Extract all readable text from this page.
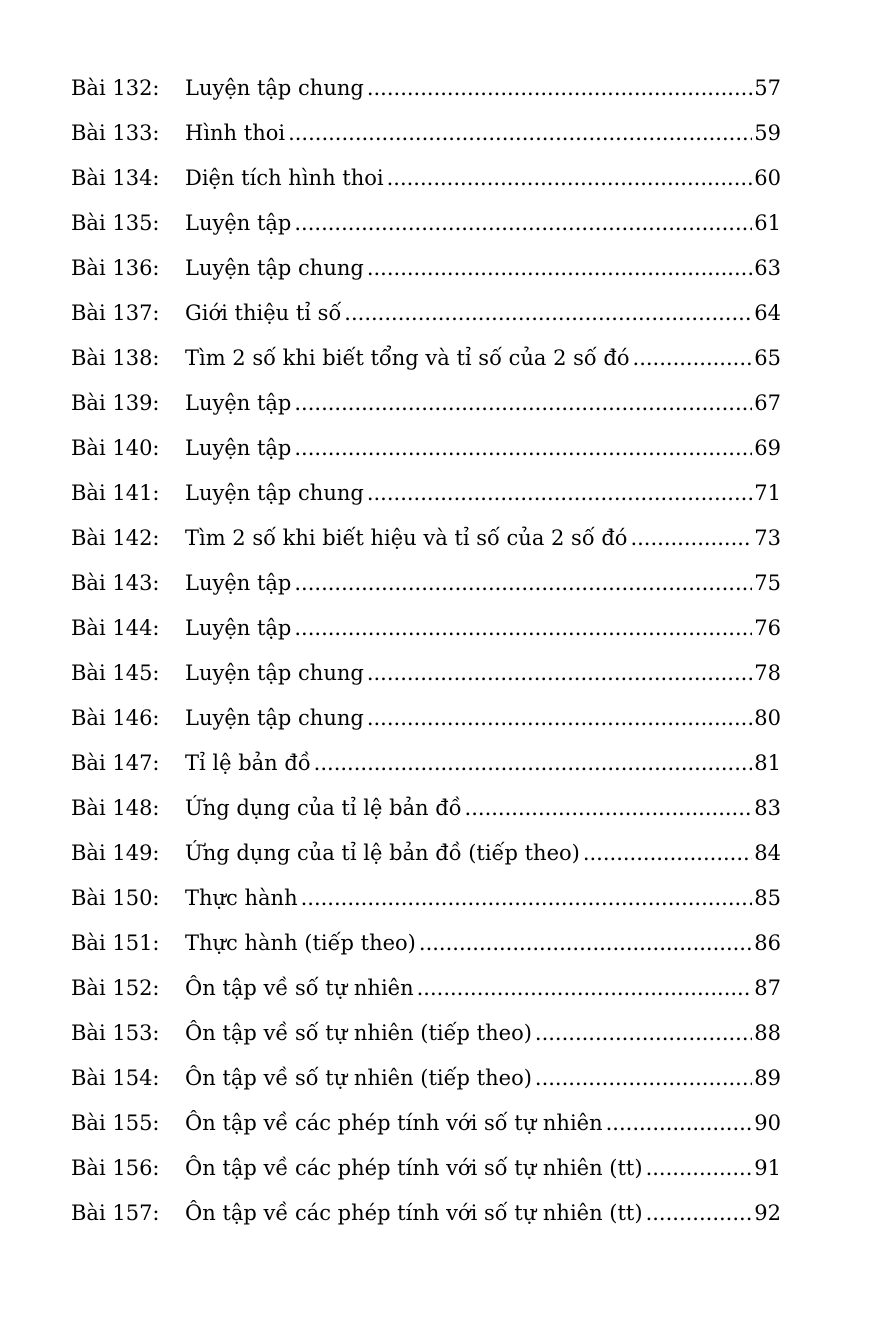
Bài 132:	Luyện tập chung .....	57
Bài 133:	Hình thoi .....	59
Bài 134:	Diện tích hình thoi .....	60
Bài 135:	Luyện tập .....	61
Bài 136:	Luyện tập chung .....	63
Bài 137:	Giới thiệu tỉ số .....	64
Bài 138:	Tìm 2 số khi biết tổng và tỉ số của 2 số đó .....	65
Bài 139:	Luyện tập .....	67
Bài 140:	Luyện tập .....	69
Bài 141:	Luyện tập chung .....	71
Bài 142:	Tìm 2 số khi biết hiệu và tỉ số của 2 số đó .....	73
Bài 143:	Luyện tập .....	75
Bài 144:	Luyện tập .....	76
Bài 145:	Luyện tập chung .....	78
Bài 146:	Luyện tập chung .....	80
Bài 147:	Tỉ lệ bản đồ .....	81
Bài 148:	Ứng dụng của tỉ lệ bản đồ .....	83
Bài 149:	Ứng dụng của tỉ lệ bản đồ (tiếp theo) .....	84
Bài 150:	Thực hành .....	85
Bài 151:	Thực hành (tiếp theo) .....	86
Bài 152:	Ôn tập về số tự nhiên .....	87
Bài 153:	Ôn tập về số tự nhiên (tiếp theo) .....	88
Bài 154:	Ôn tập về số tự nhiên (tiếp theo) .....	89
Bài 155:	Ôn tập về các phép tính với số tự nhiên .....	90
Bài 156:	Ôn tập về các phép tính với số tự nhiên (tt) .....	91
Bài 157:	Ôn tập về các phép tính với số tự nhiên (tt) .....	92
